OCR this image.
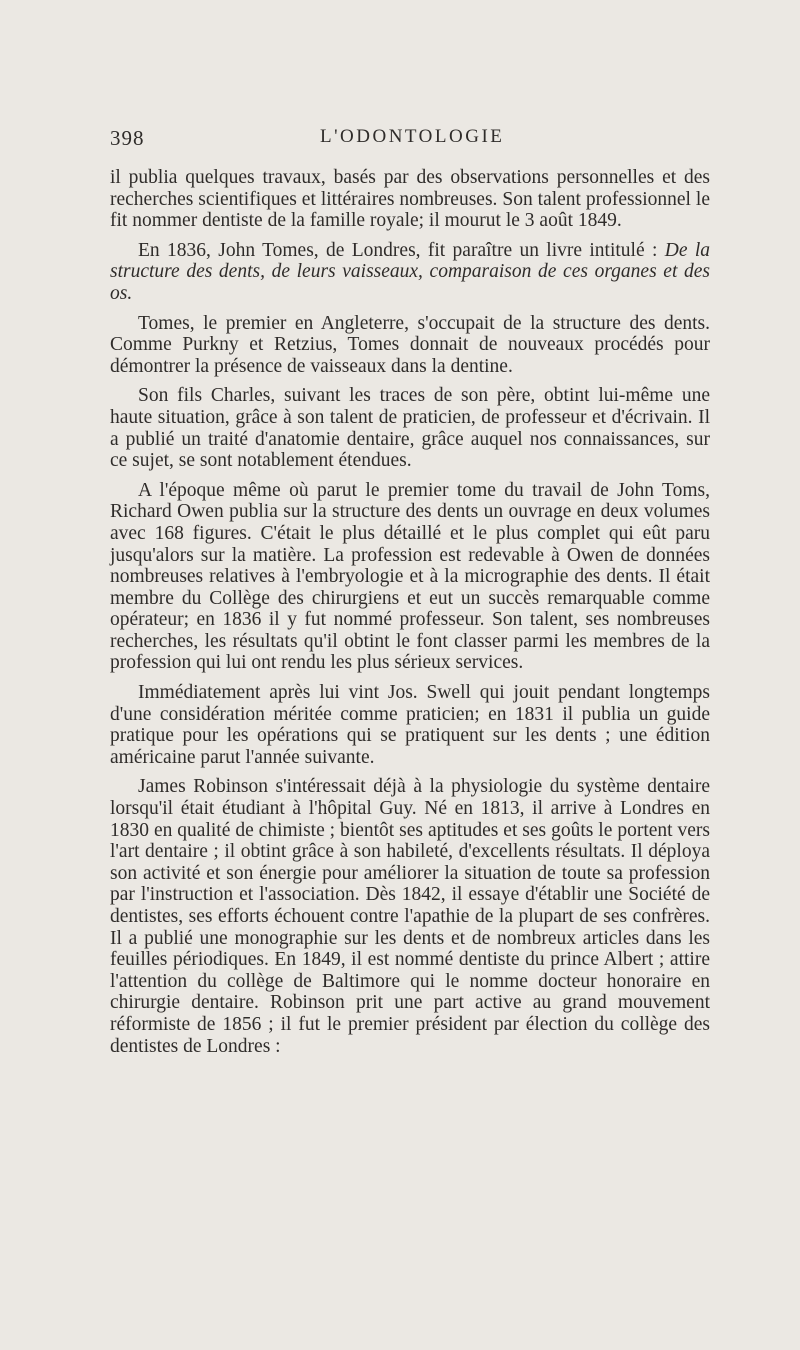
398	L'ODONTOLOGIE

il publia quelques travaux, basés par des observations personnelles et des recherches scientifiques et littéraires nombreuses. Son talent professionnel le fit nommer dentiste de la famille royale; il mourut le 3 août 1849.

En 1836, John Tomes, de Londres, fit paraître un livre intitulé : De la structure des dents, de leurs vaisseaux, comparaison de ces organes et des os.

Tomes, le premier en Angleterre, s'occupait de la structure des dents. Comme Purkny et Retzius, Tomes donnait de nouveaux procédés pour démontrer la présence de vaisseaux dans la dentine.

Son fils Charles, suivant les traces de son père, obtint lui-même une haute situation, grâce à son talent de praticien, de professeur et d'écrivain. Il a publié un traité d'anatomie dentaire, grâce auquel nos connaissances, sur ce sujet, se sont notablement étendues.

A l'époque même où parut le premier tome du travail de John Toms, Richard Owen publia sur la structure des dents un ouvrage en deux volumes avec 168 figures. C'était le plus détaillé et le plus complet qui eût paru jusqu'alors sur la matière. La profession est redevable à Owen de données nombreuses relatives à l'embryologie et à la micrographie des dents. Il était membre du Collège des chirurgiens et eut un succès remarquable comme opérateur; en 1836 il y fut nommé professeur. Son talent, ses nombreuses recherches, les résultats qu'il obtint le font classer parmi les membres de la profession qui lui ont rendu les plus sérieux services.

Immédiatement après lui vint Jos. Swell qui jouit pendant longtemps d'une considération méritée comme praticien; en 1831 il publia un guide pratique pour les opérations qui se pratiquent sur les dents ; une édition américaine parut l'année suivante.

James Robinson s'intéressait déjà à la physiologie du système dentaire lorsqu'il était étudiant à l'hôpital Guy. Né en 1813, il arrive à Londres en 1830 en qualité de chimiste ; bientôt ses aptitudes et ses goûts le portent vers l'art dentaire ; il obtint grâce à son habileté, d'excellents résultats. Il déploya son activité et son énergie pour améliorer la situation de toute sa profession par l'instruction et l'association. Dès 1842, il essaye d'établir une Société de dentistes, ses efforts échouent contre l'apathie de la plupart de ses confrères. Il a publié une monographie sur les dents et de nombreux articles dans les feuilles périodiques. En 1849, il est nommé dentiste du prince Albert ; attire l'attention du collège de Baltimore qui le nomme docteur honoraire en chirurgie dentaire. Robinson prit une part active au grand mouvement réformiste de 1856 ; il fut le premier président par élection du collège des dentistes de Londres :
